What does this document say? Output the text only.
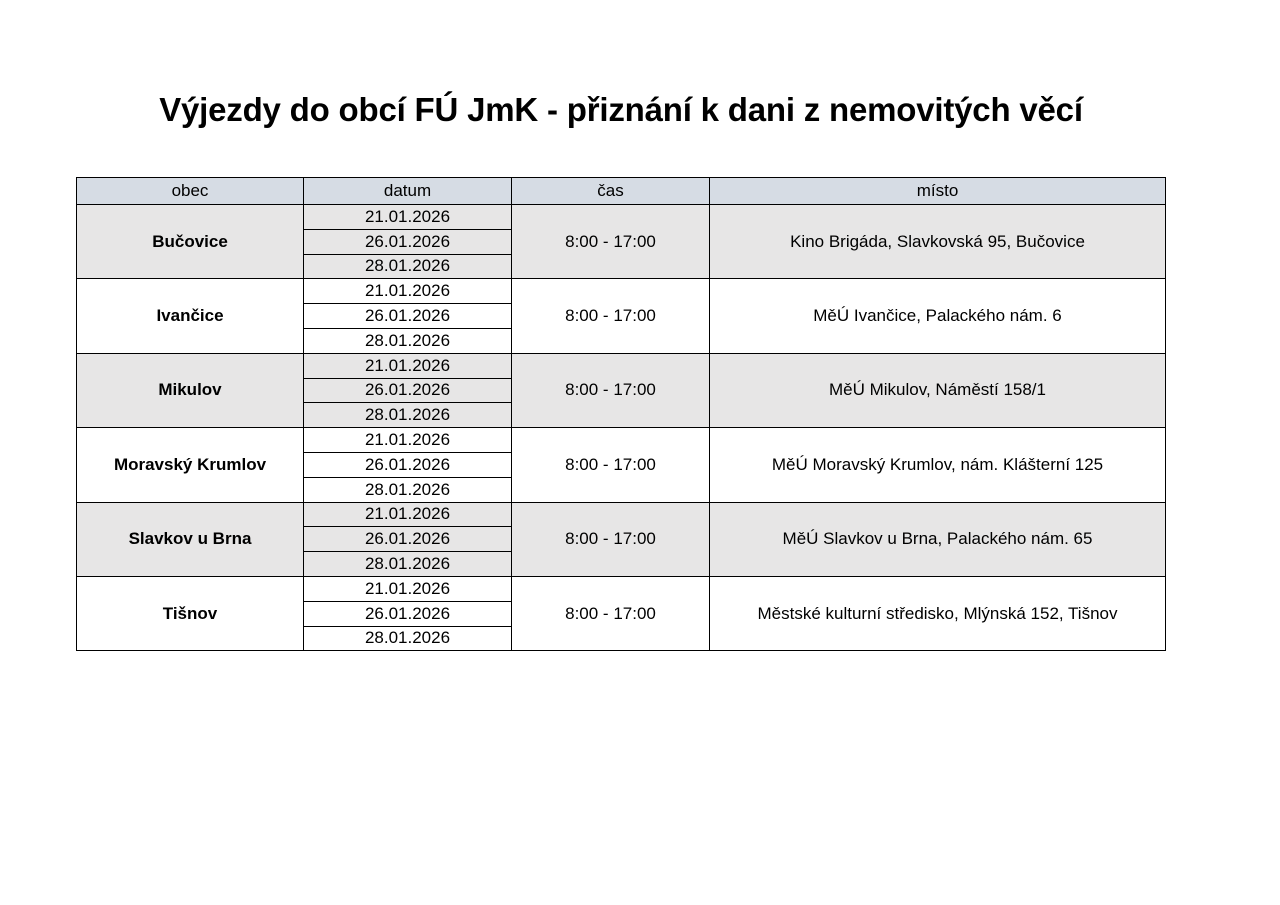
Výjezdy do obcí FÚ JmK - přiznání k dani z nemovitých věcí
obec	datum	čas	místo
Bučovice	21.01.2026	8:00 - 17:00	Kino Brigáda, Slavkovská 95, Bučovice
	26.01.2026		
	28.01.2026		
Ivančice	21.01.2026	8:00 - 17:00	MěÚ Ivančice, Palackého nám. 6
	26.01.2026		
	28.01.2026		
Mikulov	21.01.2026	8:00 - 17:00	MěÚ Mikulov, Náměstí 158/1
	26.01.2026		
	28.01.2026		
Moravský Krumlov	21.01.2026	8:00 - 17:00	MěÚ Moravský Krumlov, nám. Klášterní 125
	26.01.2026		
	28.01.2026		
Slavkov u Brna	21.01.2026	8:00 - 17:00	MěÚ Slavkov u Brna, Palackého nám. 65
	26.01.2026		
	28.01.2026		
Tišnov	21.01.2026	8:00 - 17:00	Městské kulturní středisko, Mlýnská 152, Tišnov
	26.01.2026		
	28.01.2026		
